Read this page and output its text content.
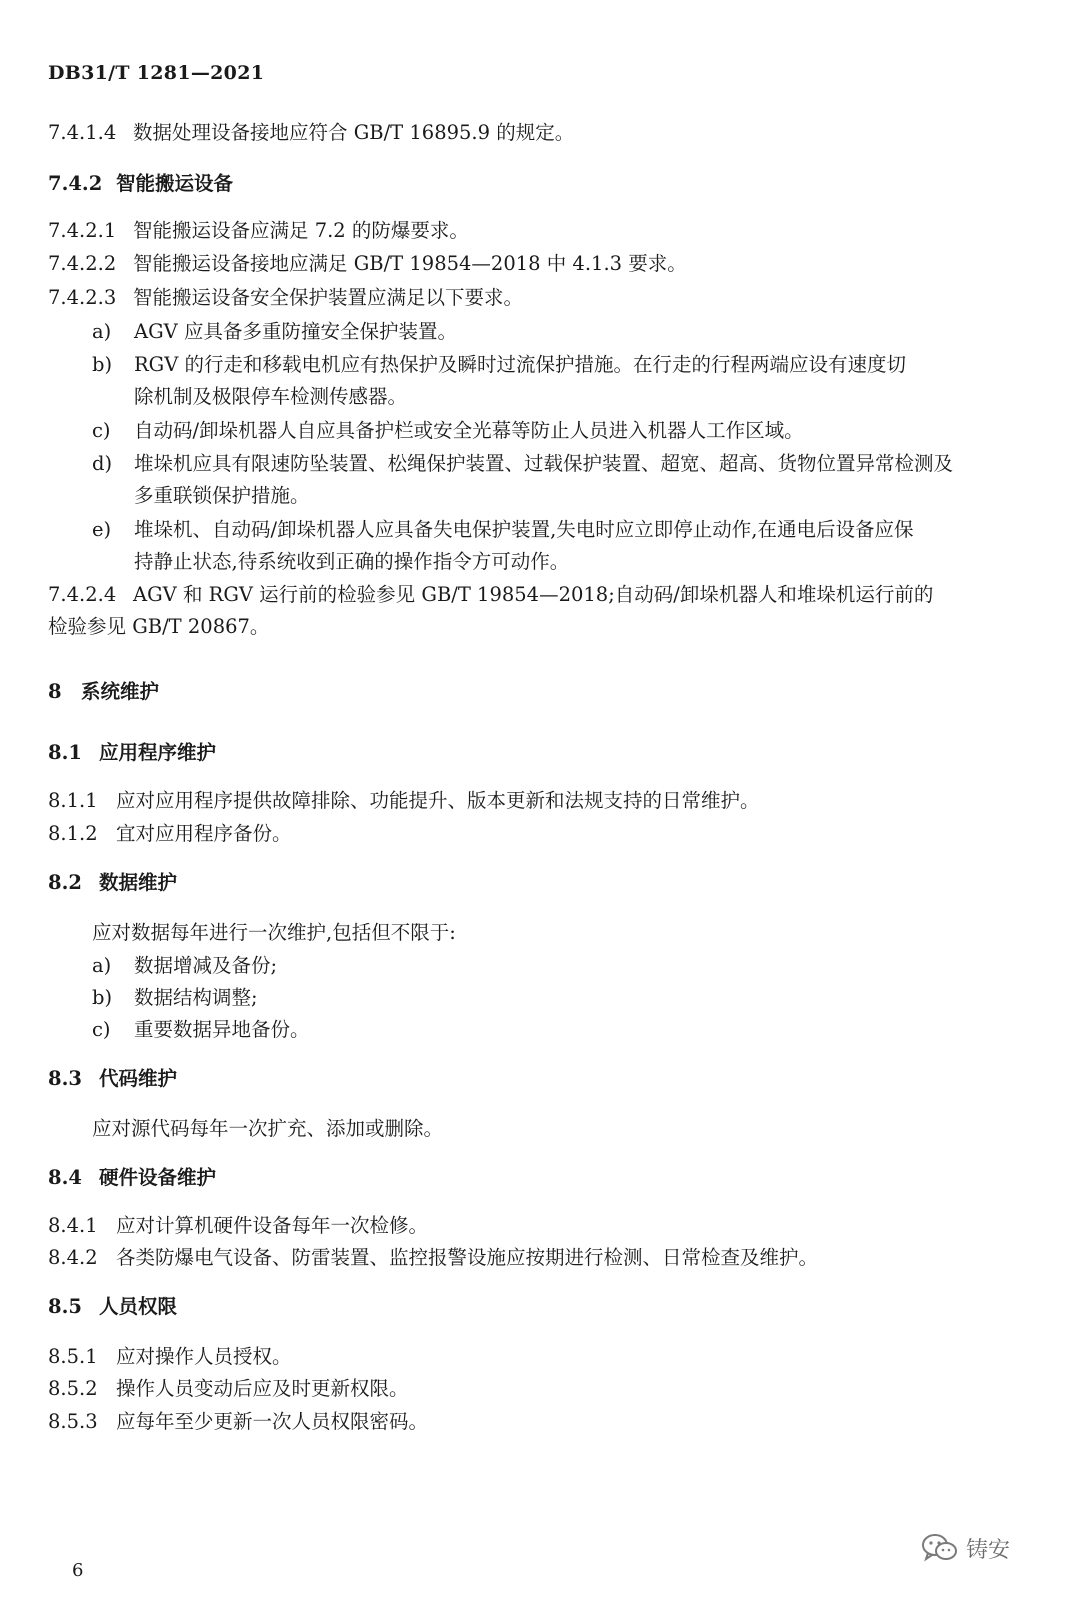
DB31/T 1281—2021
7.4.1.4 数据处理设备接地应符合 GB/T 16895.9 的规定。
7.4.2 智能搬运设备
7.4.2.1 智能搬运设备应满足 7.2 的防爆要求。
7.4.2.2 智能搬运设备接地应满足 GB/T 19854—2018 中 4.1.3 要求。
7.4.2.3 智能搬运设备安全保护装置应满足以下要求。
a) AGV 应具备多重防撞安全保护装置。
b) RGV 的行走和移载电机应有热保护及瞬时过流保护措施。在行走的行程两端应设有速度切
除机制及极限停车检测传感器。
c) 自动码/卸垛机器人自应具备护栏或安全光幕等防止人员进入机器人工作区域。
d) 堆垛机应具有限速防坠装置、松绳保护装置、过载保护装置、超宽、超高、货物位置异常检测及
多重联锁保护措施。
e) 堆垛机、自动码/卸垛机器人应具备失电保护装置,失电时应立即停止动作,在通电后设备应保
持静止状态,待系统收到正确的操作指令方可动作。
7.4.2.4 AGV 和 RGV 运行前的检验参见 GB/T 19854—2018;自动码/卸垛机器人和堆垛机运行前的
检验参见 GB/T 20867。
8 系统维护
8.1 应用程序维护
8.1.1 应对应用程序提供故障排除、功能提升、版本更新和法规支持的日常维护。
8.1.2 宜对应用程序备份。
8.2 数据维护
应对数据每年进行一次维护,包括但不限于:
a) 数据增减及备份;
b) 数据结构调整;
c) 重要数据异地备份。
8.3 代码维护
应对源代码每年一次扩充、添加或删除。
8.4 硬件设备维护
8.4.1 应对计算机硬件设备每年一次检修。
8.4.2 各类防爆电气设备、防雷装置、监控报警设施应按期进行检测、日常检查及维护。
8.5 人员权限
8.5.1 应对操作人员授权。
8.5.2 操作人员变动后应及时更新权限。
8.5.3 应每年至少更新一次人员权限密码。
6
铸安
